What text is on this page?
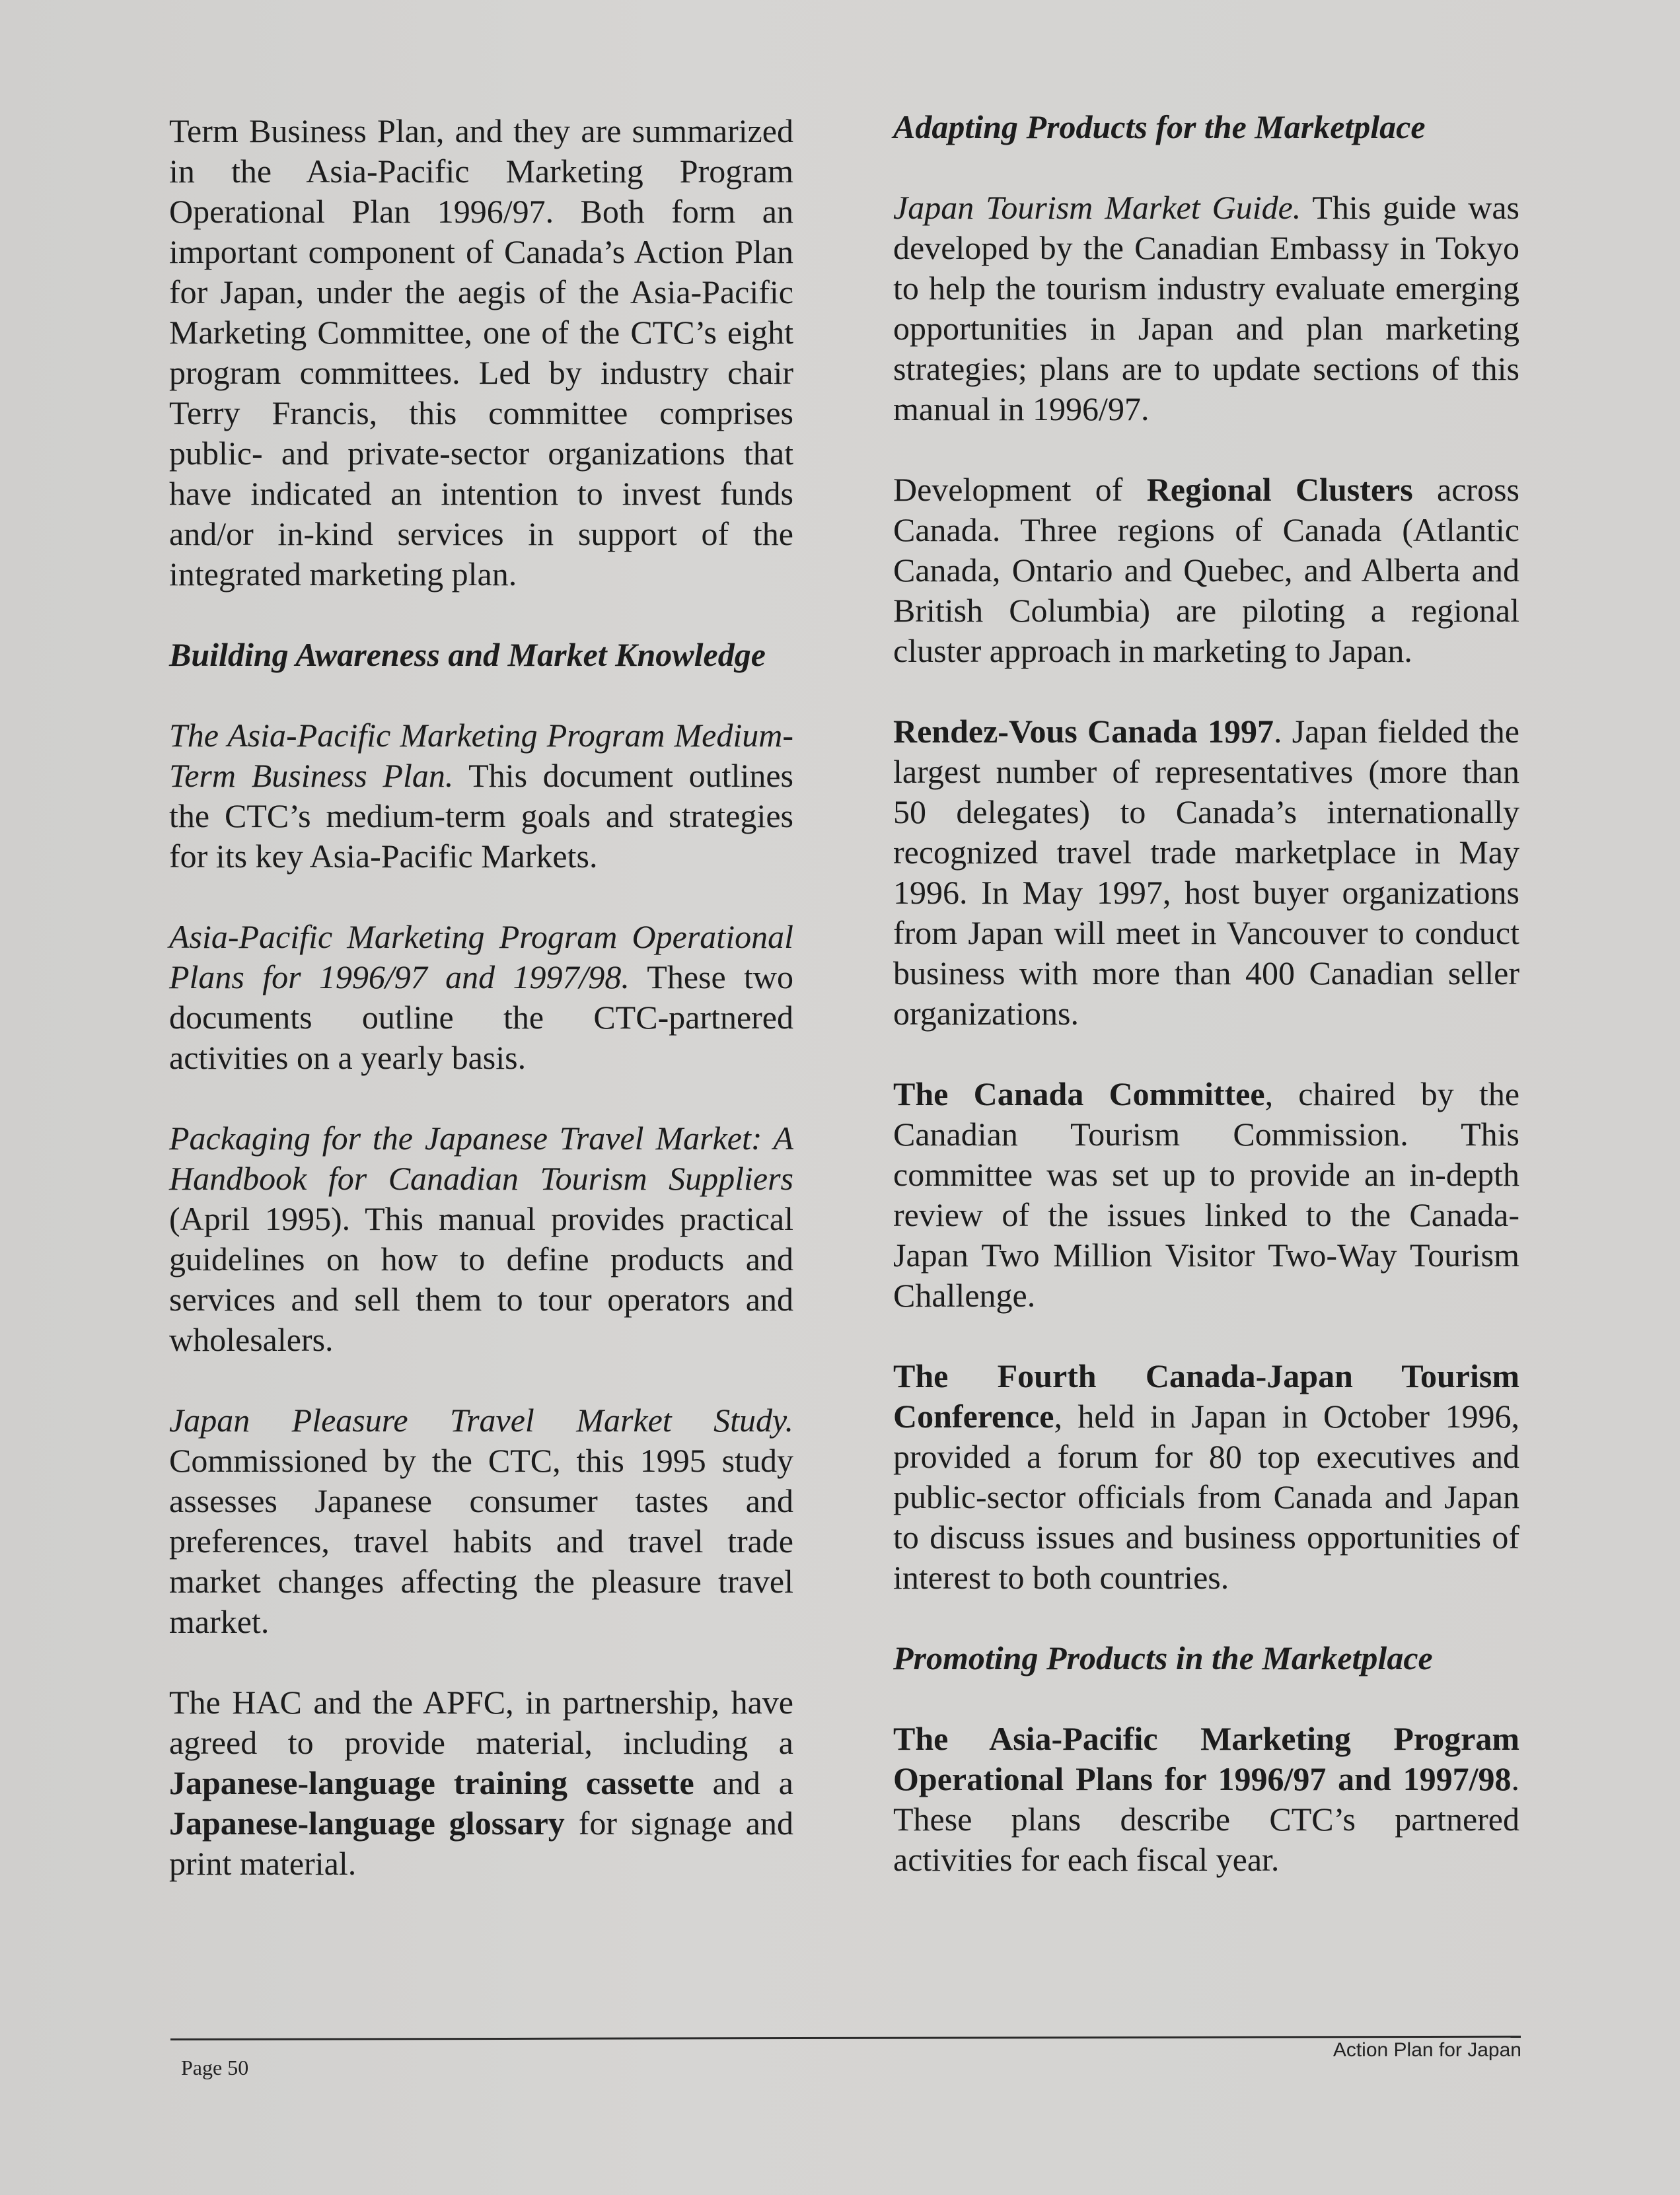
Term Business Plan, and they are summarized in the Asia-Pacific Marketing Program Operational Plan 1996/97. Both form an important component of Canada’s Action Plan for Japan, under the aegis of the Asia-Pacific Marketing Committee, one of the CTC’s eight program committees. Led by industry chair Terry Francis, this committee comprises public- and private-sector organizations that have indicated an intention to invest funds and/or in-kind services in support of the integrated marketing plan.

Building Awareness and Market Knowledge

The Asia-Pacific Marketing Program Medium-Term Business Plan. This document outlines the CTC’s medium-term goals and strategies for its key Asia-Pacific Markets.

Asia-Pacific Marketing Program Operational Plans for 1996/97 and 1997/98. These two documents outline the CTC-partnered activities on a yearly basis.

Packaging for the Japanese Travel Market: A Handbook for Canadian Tourism Suppliers (April 1995). This manual provides practical guidelines on how to define products and services and sell them to tour operators and wholesalers.

Japan Pleasure Travel Market Study. Commissioned by the CTC, this 1995 study assesses Japanese consumer tastes and preferences, travel habits and travel trade market changes affecting the pleasure travel market.

The HAC and the APFC, in partnership, have agreed to provide material, including a Japanese-language training cassette and a Japanese-language glossary for signage and print material.

Adapting Products for the Marketplace

Japan Tourism Market Guide. This guide was developed by the Canadian Embassy in Tokyo to help the tourism industry evaluate emerging opportunities in Japan and plan marketing strategies; plans are to update sections of this manual in 1996/97.

Development of Regional Clusters across Canada. Three regions of Canada (Atlantic Canada, Ontario and Quebec, and Alberta and British Columbia) are piloting a regional cluster approach in marketing to Japan.

Rendez-Vous Canada 1997. Japan fielded the largest number of representatives (more than 50 delegates) to Canada’s internationally recognized travel trade marketplace in May 1996. In May 1997, host buyer organizations from Japan will meet in Vancouver to conduct business with more than 400 Canadian seller organizations.

The Canada Committee, chaired by the Canadian Tourism Commission. This committee was set up to provide an in-depth review of the issues linked to the Canada-Japan Two Million Visitor Two-Way Tourism Challenge.

The Fourth Canada-Japan Tourism Conference, held in Japan in October 1996, provided a forum for 80 top executives and public-sector officials from Canada and Japan to discuss issues and business opportunities of interest to both countries.

Promoting Products in the Marketplace

The Asia-Pacific Marketing Program Operational Plans for 1996/97 and 1997/98. These plans describe CTC’s partnered activities for each fiscal year.

Page 50
Action Plan for Japan
